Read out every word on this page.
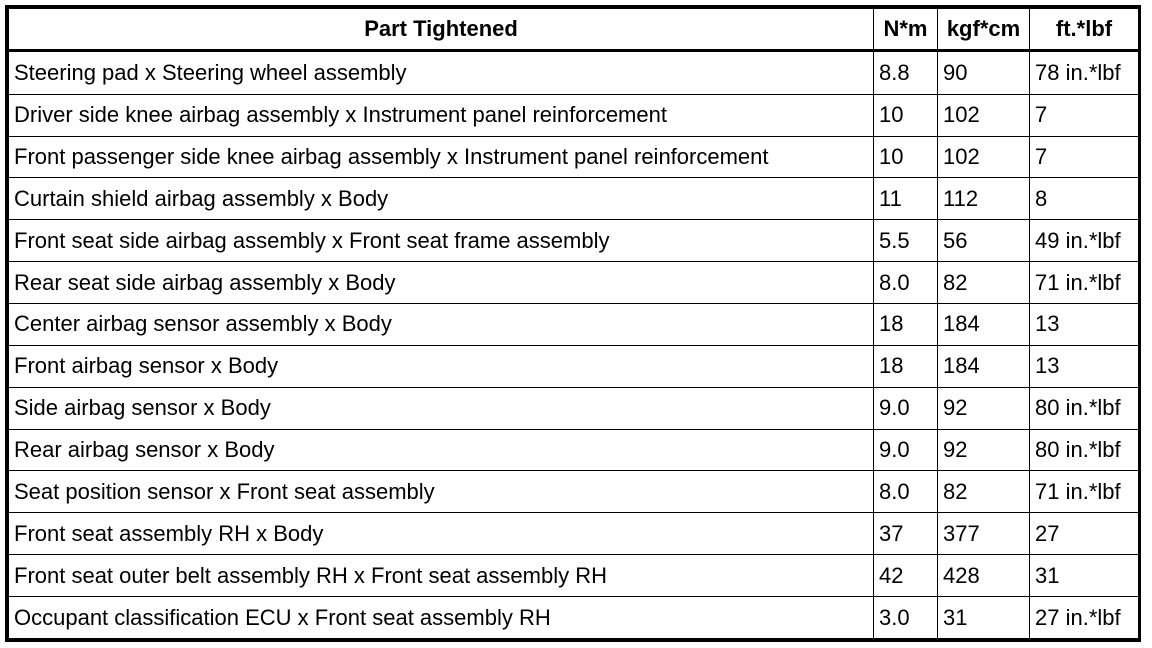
Part Tightened	N*m	kgf*cm	ft.*lbf
Steering pad x Steering wheel assembly	8.8	90	78 in.*lbf
Driver side knee airbag assembly x Instrument panel reinforcement	10	102	7
Front passenger side knee airbag assembly x Instrument panel reinforcement	10	102	7
Curtain shield airbag assembly x Body	11	112	8
Front seat side airbag assembly x Front seat frame assembly	5.5	56	49 in.*lbf
Rear seat side airbag assembly x Body	8.0	82	71 in.*lbf
Center airbag sensor assembly x Body	18	184	13
Front airbag sensor x Body	18	184	13
Side airbag sensor x Body	9.0	92	80 in.*lbf
Rear airbag sensor x Body	9.0	92	80 in.*lbf
Seat position sensor x Front seat assembly	8.0	82	71 in.*lbf
Front seat assembly RH x Body	37	377	27
Front seat outer belt assembly RH x Front seat assembly RH	42	428	31
Occupant classification ECU x Front seat assembly RH	3.0	31	27 in.*lbf
